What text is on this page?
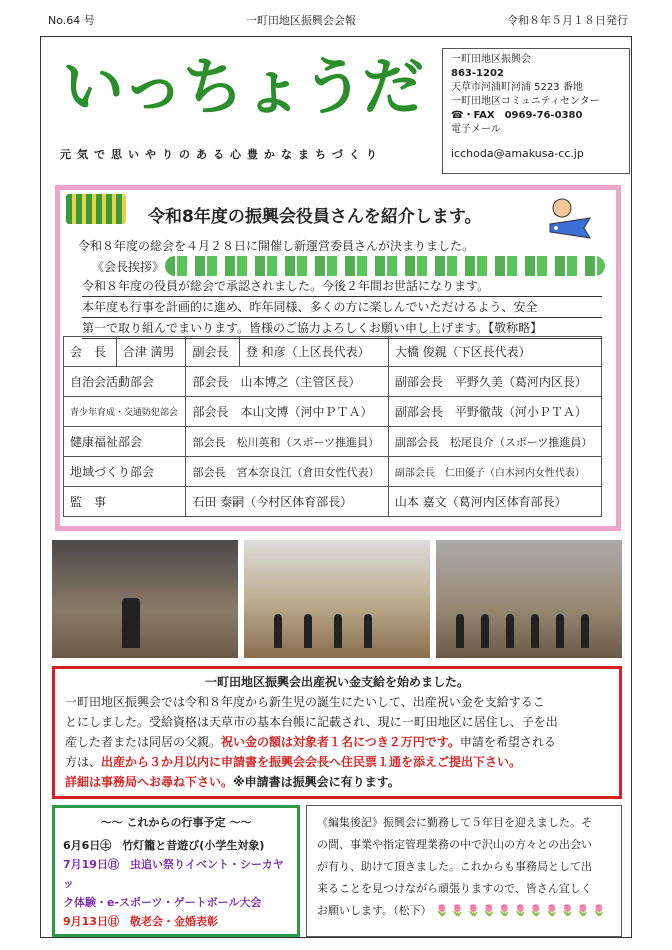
No.64 号	一町田地区振興会会報	令和８年５月１８日発行
いっちょうだ
元気で思いやりのある心豊かなまちづくり
一町田地区振興会
863-1202
天草市河浦町河浦 5223 番地
一町田地区コミュニティセンター
☎・FAX　0969-76-0380
電子メール
icchoda@amakusa-cc.jp
令和8年度の振興会役員さんを紹介します。
令和８年度の総会を４月２８日に開催し新運営委員さんが決まりました。
《会長挨拶》
令和８年度の役員が総会で承認されました。今後２年間お世話になります。
本年度も行事を計画的に進め、昨年同様、多くの方に楽しんでいただけるよう、安全
第一で取り組んでまいります。皆様のご協力よろしくお願い申し上げます。【敬称略】
会　長	合津 満男	副会長	登 和彦（上区長代表）	大橋 俊親（下区長代表）
自治会活動部会		部会長　山本博之（主管区長）		副部会長　平野久美（葛河内区長）
青少年育成・交通防犯部会		部会長　本山文博（河中ＰＴＡ）		副部会長　平野徹哉（河小ＰＴＡ）
健康福祉部会		部会長　松川英和（スポーツ推進員）		副部会長　松尾良介（スポーツ推進員）
地域づくり部会		部会長　宮本奈良江（倉田女性代表）		副部会長　仁田優子（白木河内女性代表）
監　事		石田 泰嗣（今村区体育部長）		山本 嘉文（葛河内区体育部長）
一町田地区振興会出産祝い金支給を始めました。
一町田地区振興会では令和８年度から新生児の誕生にたいして、出産祝い金を支給するこ
とにしました。受給資格は天草市の基本台帳に記載され、現に一町田地区に居住し、子を出
産した者または同居の父親。祝い金の額は対象者１名につき２万円です。申請を希望される
方は、出産から３か月以内に申請書を振興会会長へ住民票１通を添えご提出下さい。
詳細は事務局へお尋ね下さい。※申請書は振興会に有ります。
～～ これからの行事予定 ～～
6月6日㊏　 竹灯籠と昔遊び(小学生対象)
7月19日㊐　 虫追い祭りイベント・シーカヤッ
ク体験・e-スポーツ・ゲートボール大会
9月13日㊐　 敬老会・金婚表彰
《編集後記》振興会に勤務して５年目を迎えました。そ
の間、事業や指定管理業務の中で沢山の方々との出会い
が有り、助けて頂きました。これからも事務局として出
来ることを見つけながら頑張りますので、皆さん宜しく
お願いします。（松下） 🌷🌷🌷🌷🌷🌷🌷🌷🌷🌷🌷
